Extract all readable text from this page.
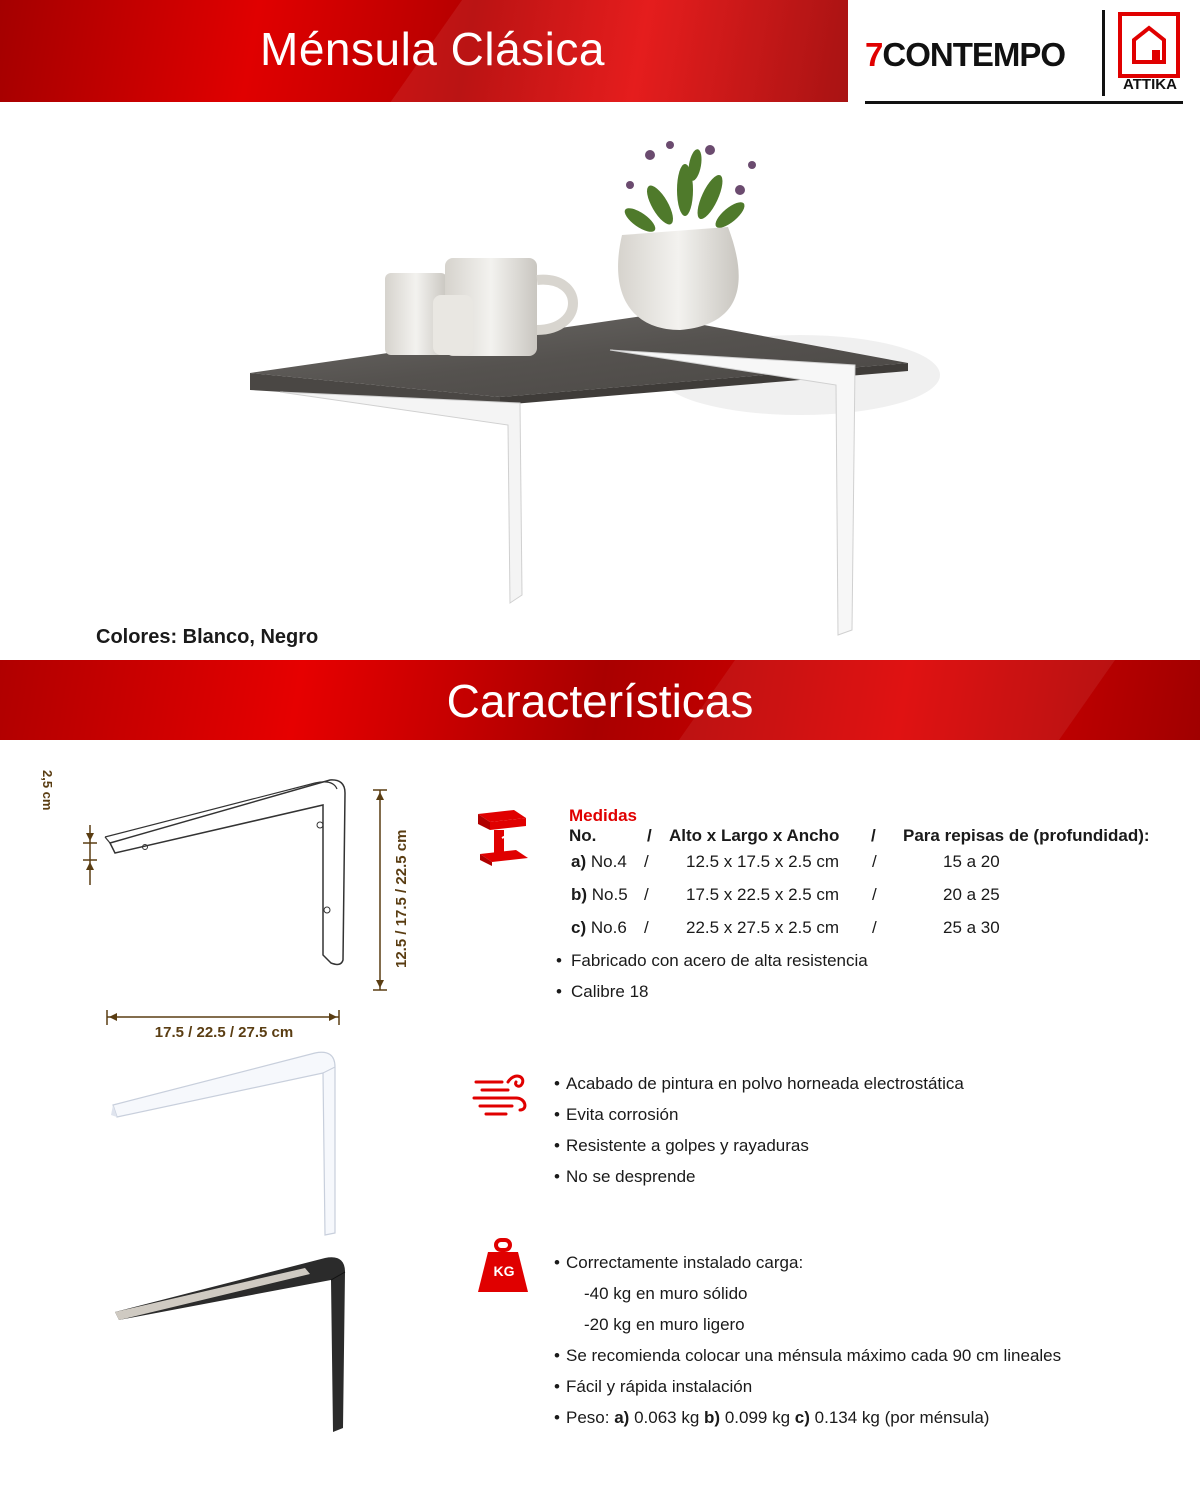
Ménsula Clásica	7CONTEMPO
ATTIKA
Colores: Blanco, Negro
Características
2,5 cm
12.5 / 17.5 / 22.5 cm
17.5 / 22.5 / 27.5 cm
KG
Medidas
No.	/ Alto x Largo x Ancho / Para repisas de (profundidad):
a) No.4 / 12.5 x 17.5 x 2.5 cm /	15 a 20
b) No.5 / 17.5 x 22.5 x 2.5 cm /	20 a 25
c) No.6 / 22.5 x 27.5 x 2.5 cm /	25 a 30
• Fabricado con acero de alta resistencia
• Calibre 18
• Acabado de pintura en polvo horneada electrostática
• Evita corrosión
• Resistente a golpes y rayaduras
• No se desprende
• Correctamente instalado carga:
-40 kg en muro sólido
-20 kg en muro ligero
• Se recomienda colocar una ménsula máximo cada 90 cm lineales
• Fácil y rápida instalación
• Peso: a) 0.063 kg b) 0.099 kg c) 0.134 kg (por ménsula)
